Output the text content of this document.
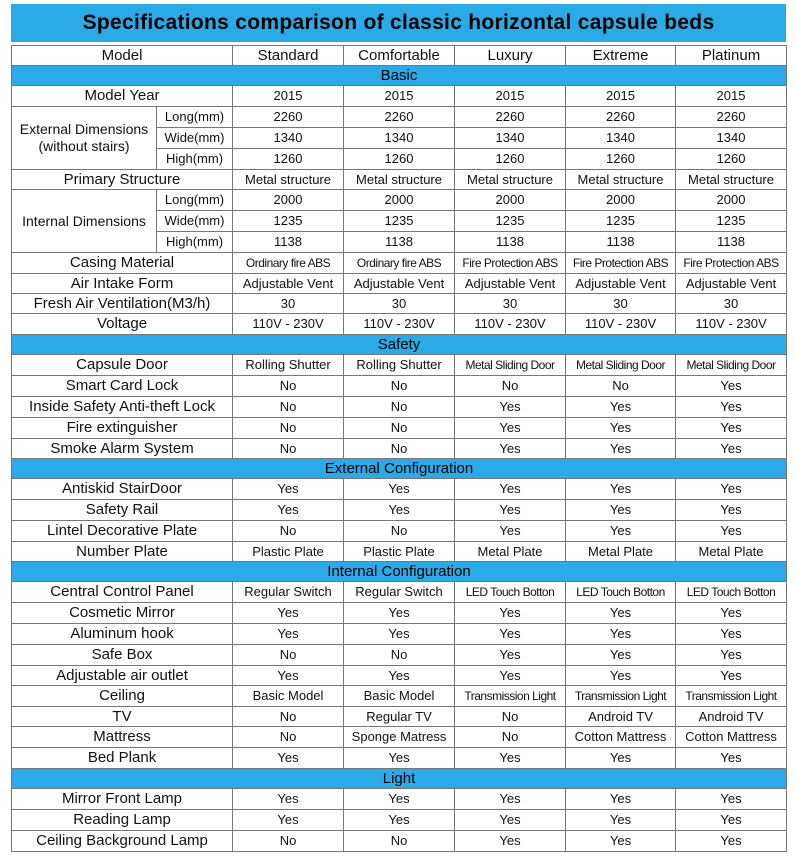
Specifications comparison of classic horizontal capsule beds
Model		Standard	Comfortable	Luxury	Extreme	Platinum
Basic						
Model Year		2015	2015	2015	2015	2015
External Dimensions (without stairs)	Long(mm)	2260	2260	2260	2260	2260
	Wide(mm)	1340	1340	1340	1340	1340
	High(mm)	1260	1260	1260	1260	1260
Primary Structure		Metal structure	Metal structure	Metal structure	Metal structure	Metal structure
Internal Dimensions	Long(mm)	2000	2000	2000	2000	2000
	Wide(mm)	1235	1235	1235	1235	1235
	High(mm)	1138	1138	1138	1138	1138
Casing Material		Ordinary fire ABS	Ordinary fire ABS	Fire Protection ABS	Fire Protection ABS	Fire Protection ABS
Air Intake Form		Adjustable Vent	Adjustable Vent	Adjustable Vent	Adjustable Vent	Adjustable Vent
Fresh Air Ventilation(M3/h)		30	30	30	30	30
Voltage		110V - 230V	110V - 230V	110V - 230V	110V - 230V	110V - 230V
Safety						
Capsule Door		Rolling Shutter	Rolling Shutter	Metal Sliding Door	Metal Sliding Door	Metal Sliding Door
Smart Card Lock		No	No	No	No	Yes
Inside Safety Anti-theft Lock		No	No	Yes	Yes	Yes
Fire extinguisher		No	No	Yes	Yes	Yes
Smoke Alarm System		No	No	Yes	Yes	Yes
External Configuration						
Antiskid StairDoor		Yes	Yes	Yes	Yes	Yes
Safety Rail		Yes	Yes	Yes	Yes	Yes
Lintel Decorative Plate		No	No	Yes	Yes	Yes
Number Plate		Plastic Plate	Plastic Plate	Metal Plate	Metal Plate	Metal Plate
Internal Configuration						
Central Control Panel		Regular Switch	Regular Switch	LED Touch Botton	LED Touch Botton	LED Touch Botton
Cosmetic Mirror		Yes	Yes	Yes	Yes	Yes
Aluminum hook		Yes	Yes	Yes	Yes	Yes
Safe Box		No	No	Yes	Yes	Yes
Adjustable air outlet		Yes	Yes	Yes	Yes	Yes
Ceiling		Basic Model	Basic Model	Transmission Light	Transmission Light	Transmission Light
TV		No	Regular TV	No	Android TV	Android TV
Mattress		No	Sponge Matress	No	Cotton Mattress	Cotton Mattress
Bed Plank		Yes	Yes	Yes	Yes	Yes
Light						
Mirror Front Lamp		Yes	Yes	Yes	Yes	Yes
Reading Lamp		Yes	Yes	Yes	Yes	Yes
Ceiling Background Lamp		No	No	Yes	Yes	Yes
